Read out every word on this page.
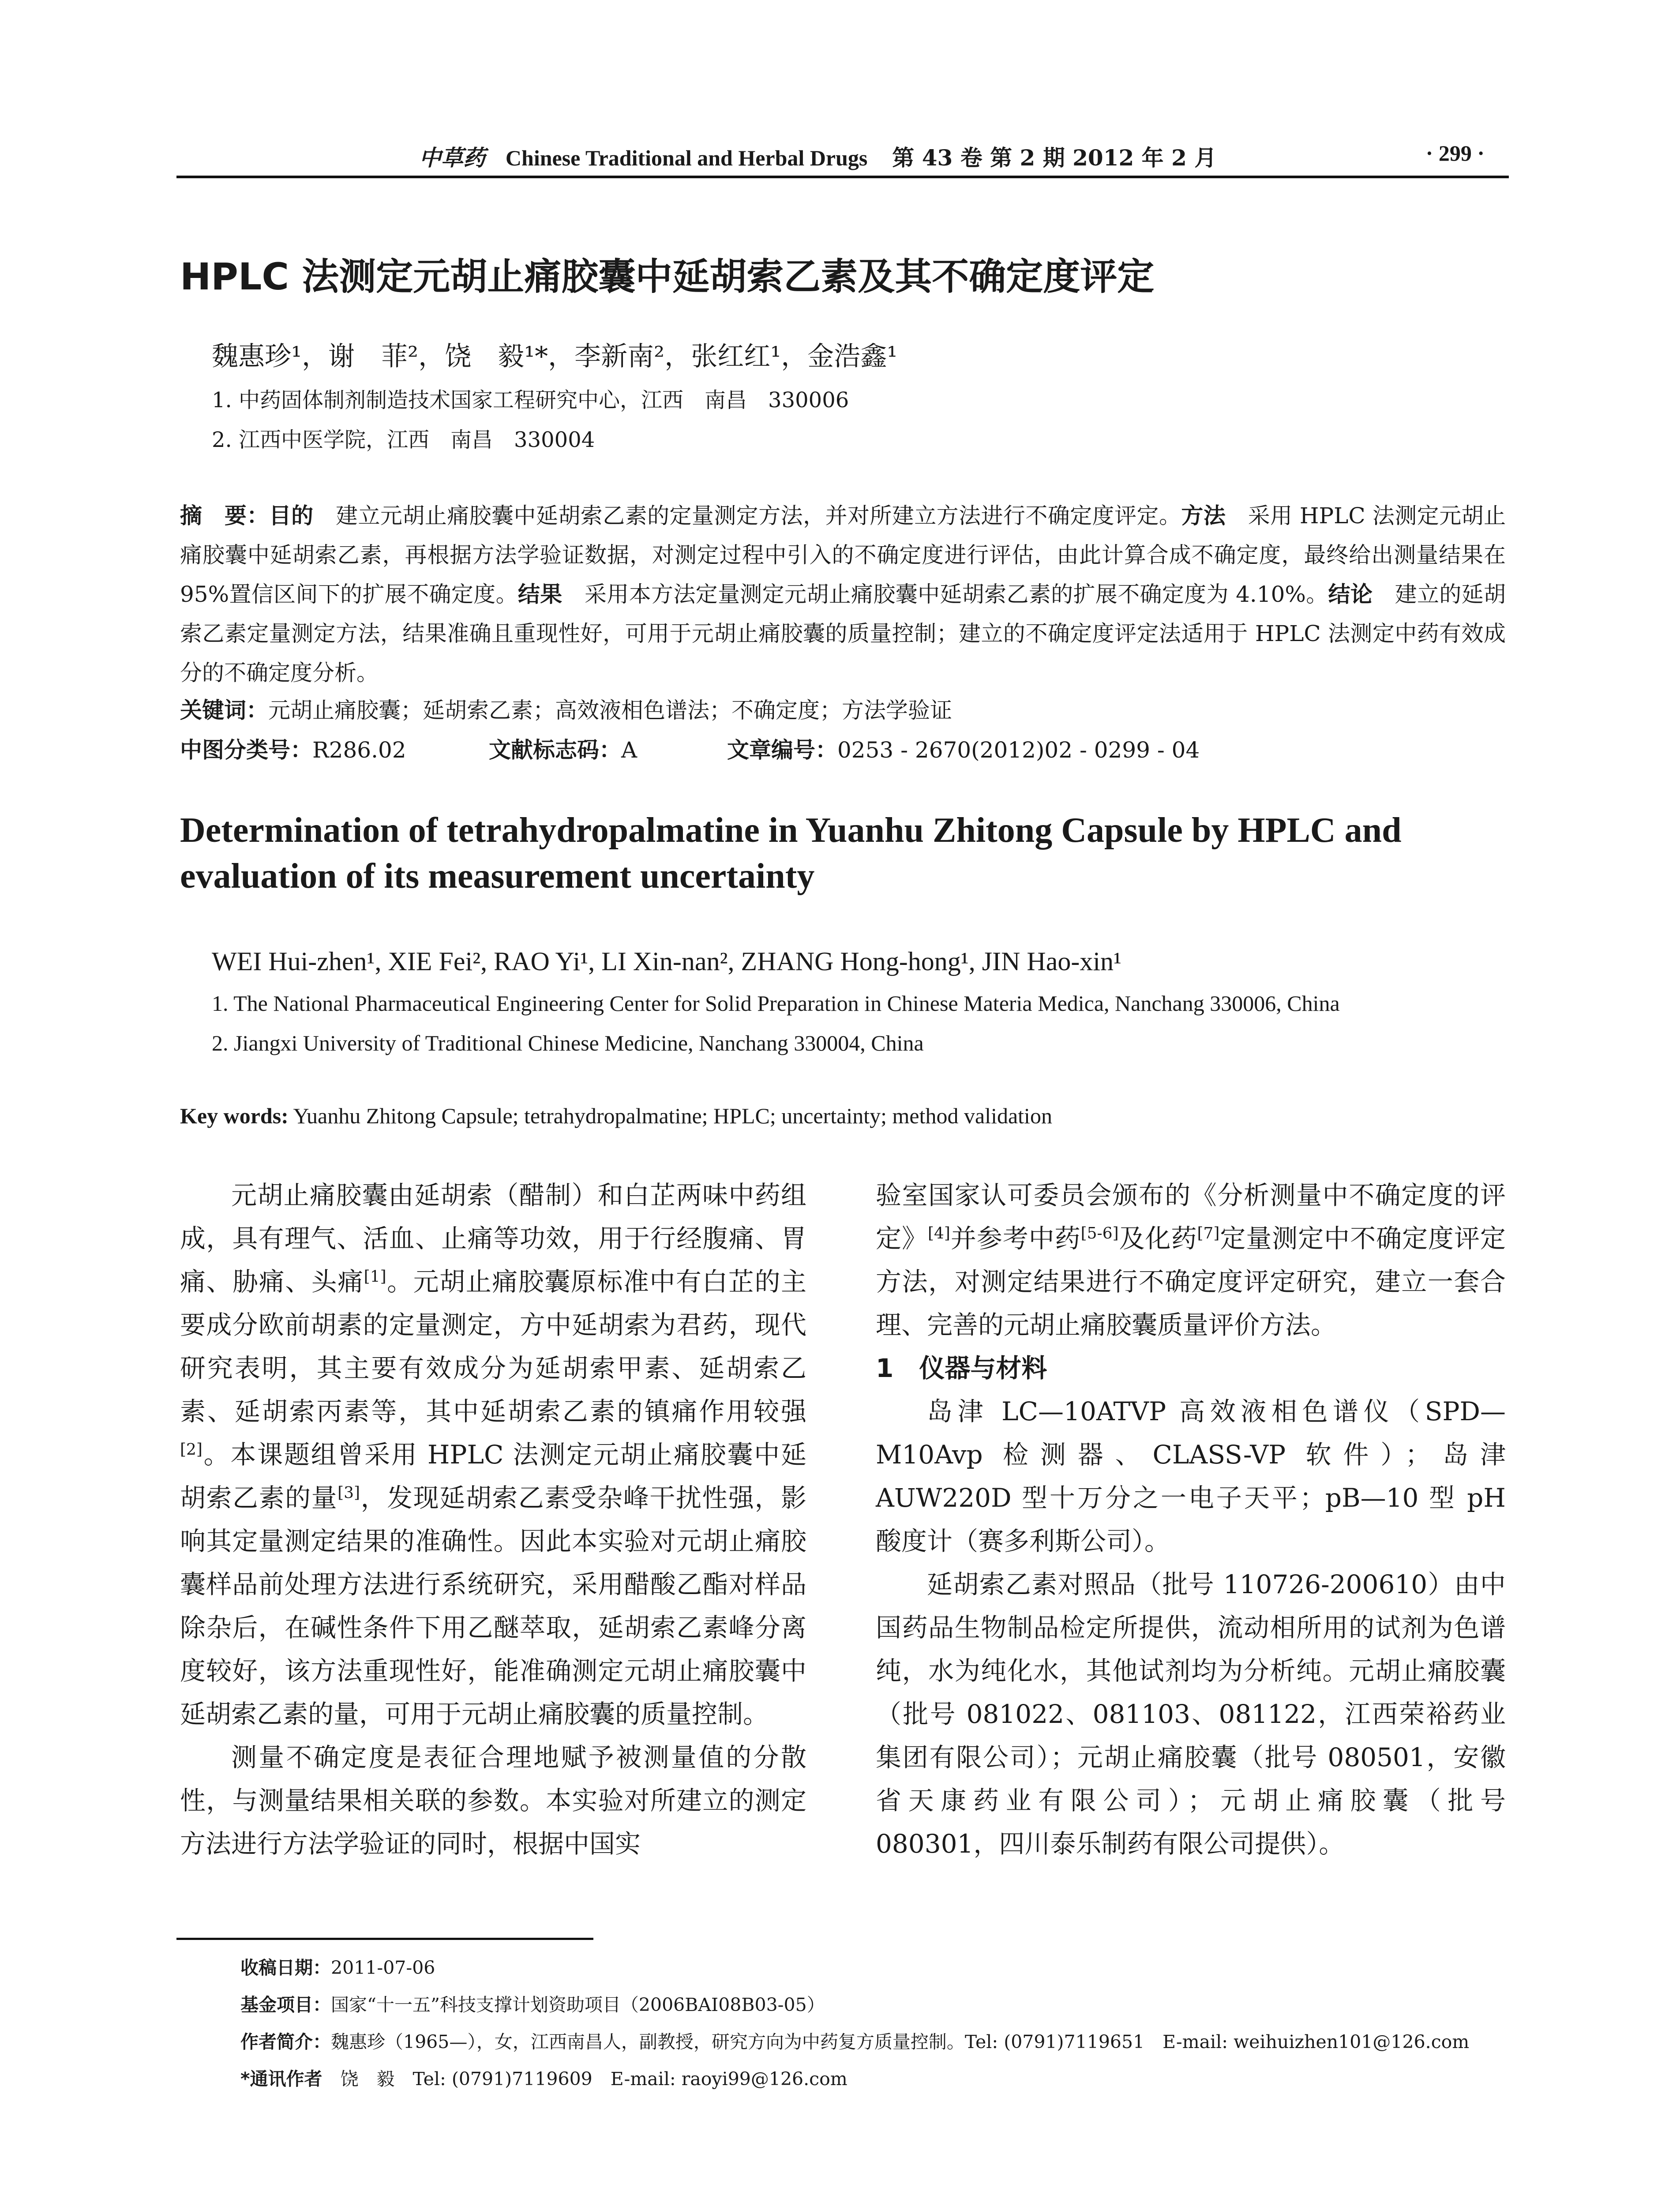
中草药 Chinese Traditional and Herbal Drugs 第 43 卷 第 2 期 2012 年 2 月	· 299 ·
HPLC 法测定元胡止痛胶囊中延胡索乙素及其不确定度评定
魏惠珍¹，谢　菲²，饶　毅¹*，李新南²，张红红¹，金浩鑫¹
1. 中药固体制剂制造技术国家工程研究中心，江西　南昌　330006
2. 江西中医学院，江西　南昌　330004
摘　要：目的　 建立元胡止痛胶囊中延胡索乙素的定量测定方法，并对所建立方法进行不确定度评定。方法　 采用 HPLC 法测定元胡止痛胶囊中延胡索乙素，再根据方法学验证数据，对测定过程中引入的不确定度进行评估，由此计算合成不确定度，最终给出测量结果在 95%置信区间下的扩展不确定度。结果　 采用本方法定量测定元胡止痛胶囊中延胡索乙素的扩展不确定度为 4.10%。结论　 建立的延胡索乙素定量测定方法，结果准确且重现性好，可用于元胡止痛胶囊的质量控制；建立的不确定度评定法适用于 HPLC 法测定中药有效成分的不确定度分析。
关键词：元胡止痛胶囊；延胡索乙素；高效液相色谱法；不确定度；方法学验证
中图分类号：R286.02	文献标志码：A	文章编号：0253 - 2670(2012)02 - 0299 - 04
Determination of tetrahydropalmatine in Yuanhu Zhitong Capsule by HPLC and evaluation of its measurement uncertainty
WEI Hui-zhen¹, XIE Fei², RAO Yi¹, LI Xin-nan², ZHANG Hong-hong¹, JIN Hao-xin¹
1. The National Pharmaceutical Engineering Center for Solid Preparation in Chinese Materia Medica, Nanchang 330006, China
2. Jiangxi University of Traditional Chinese Medicine, Nanchang 330004, China
Key words: Yuanhu Zhitong Capsule; tetrahydropalmatine; HPLC; uncertainty; method validation

元胡止痛胶囊由延胡索（醋制）和白芷两味中药组成，具有理气、活血、止痛等功效，用于行经腹痛、胃痛、胁痛、头痛[1]。元胡止痛胶囊原标准中有白芷的主要成分欧前胡素的定量测定，方中延胡索为君药，现代研究表明，其主要有效成分为延胡索甲素、延胡索乙素、延胡索丙素等，其中延胡索乙素的镇痛作用较强[2]。本课题组曾采用 HPLC 法测定元胡止痛胶囊中延胡索乙素的量[3]，发现延胡索乙素受杂峰干扰性强，影响其定量测定结果的准确性。因此本实验对元胡止痛胶囊样品前处理方法进行系统研究，采用醋酸乙酯对样品除杂后，在碱性条件下用乙醚萃取，延胡索乙素峰分离度较好，该方法重现性好，能准确测定元胡止痛胶囊中延胡索乙素的量，可用于元胡止痛胶囊的质量控制。

测量不确定度是表征合理地赋予被测量值的分散性，与测量结果相关联的参数。本实验对所建立的测定方法进行方法学验证的同时，根据中国实

验室国家认可委员会颁布的《分析测量中不确定度的评定》[4]并参考中药[5-6]及化药[7]定量测定中不确定度评定方法，对测定结果进行不确定度评定研究，建立一套合理、完善的元胡止痛胶囊质量评价方法。

1　仪器与材料

岛津 LC—10ATVP 高效液相色谱仪（SPD—M10Avp 检测器、CLASS-VP 软件）；岛津 AUW220D 型十万分之一电子天平；pB—10 型 pH 酸度计（赛多利斯公司）。

延胡索乙素对照品（批号 110726-200610）由中国药品生物制品检定所提供，流动相所用的试剂为色谱纯，水为纯化水，其他试剂均为分析纯。元胡止痛胶囊（批号 081022、081103、081122，江西荣裕药业集团有限公司）；元胡止痛胶囊（批号 080501，安徽省天康药业有限公司）；元胡止痛胶囊（批号 080301，四川泰乐制药有限公司提供）。

收稿日期：2011-07-06
基金项目：国家“十一五”科技支撑计划资助项目（2006BAI08B03-05）
作者简介：魏惠珍（1965—），女，江西南昌人，副教授，研究方向为中药复方质量控制。Tel: (0791)7119651　E-mail: weihuizhen101@126.com
*通讯作者　 饶　毅　Tel: (0791)7119609　E-mail: raoyi99@126.com
